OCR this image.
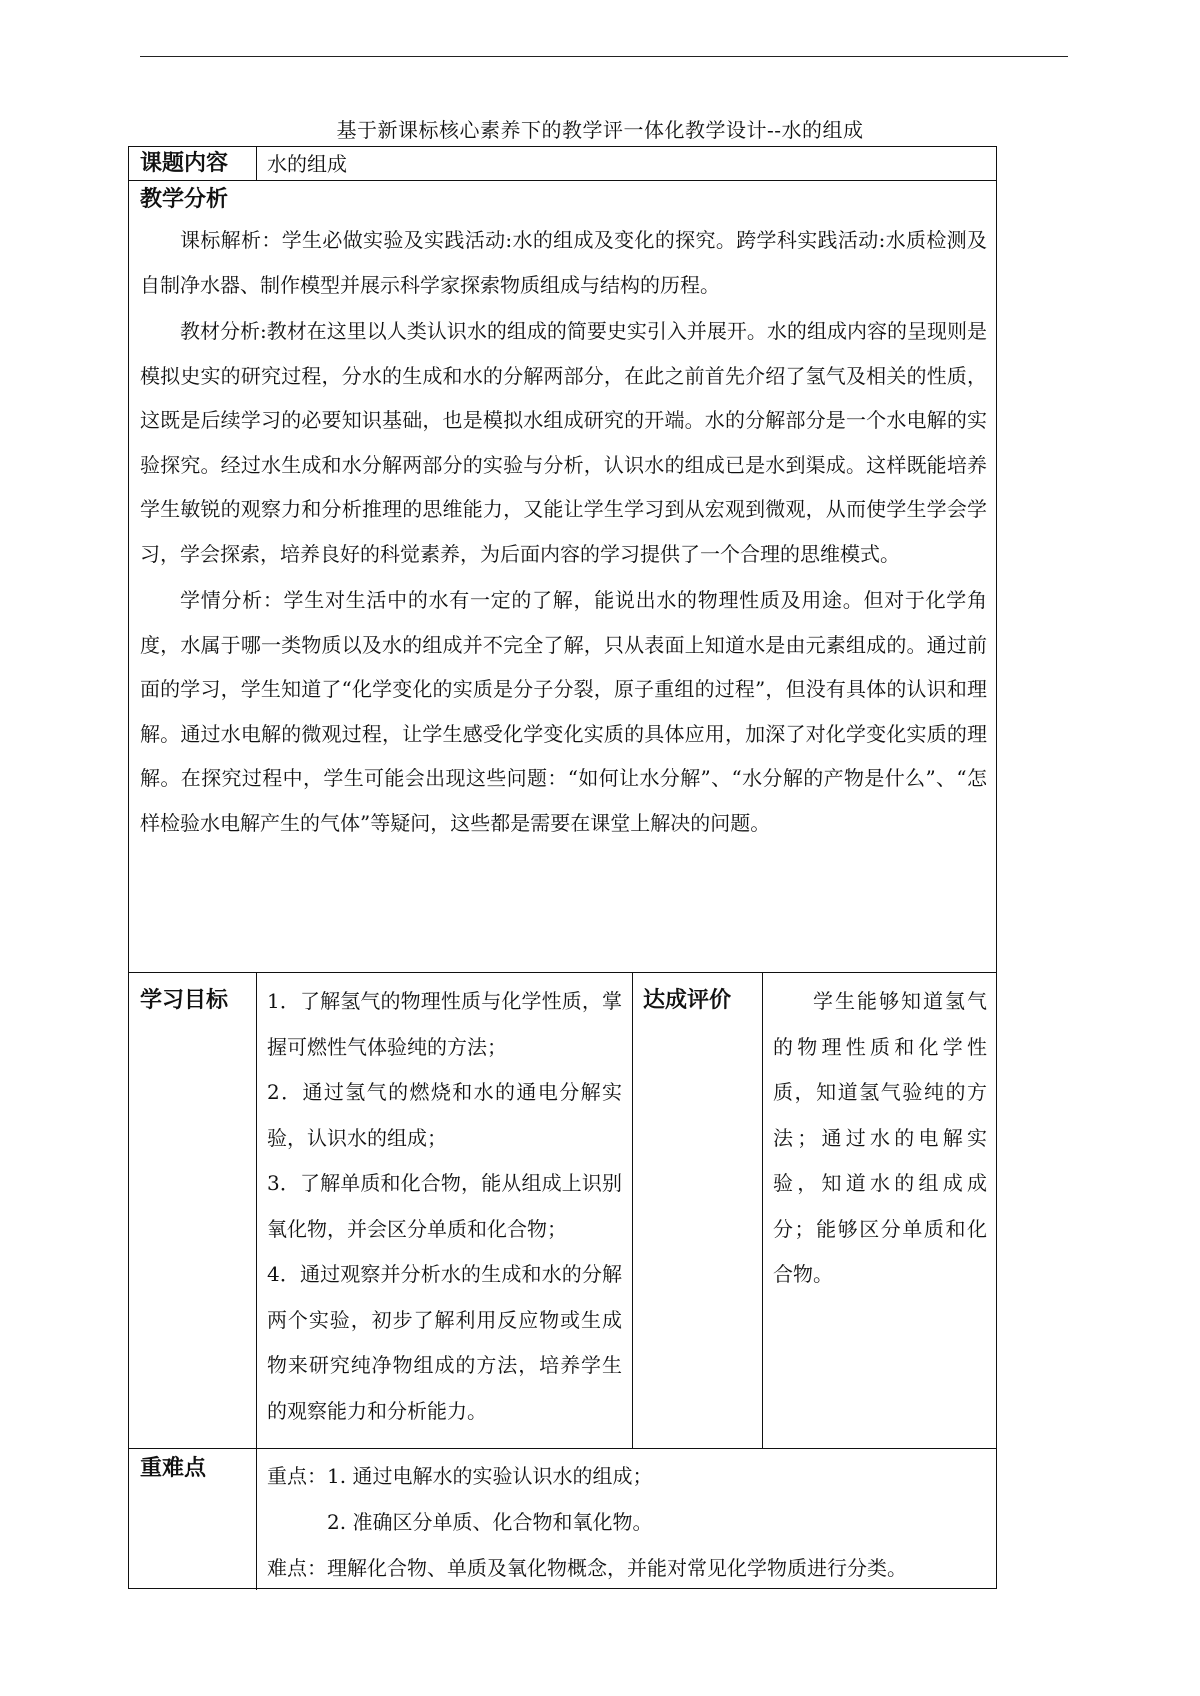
基于新课标核心素养下的教学评一体化教学设计--水的组成
课题内容 水的组成
教学分析

课标解析：学生必做实验及实践活动:水的组成及变化的探究。跨学科实践活动:水质检测及自制净水器、制作模型并展示科学家探索物质组成与结构的历程。

教材分析:教材在这里以人类认识水的组成的简要史实引入并展开。水的组成内容的呈现则是模拟史实的研究过程，分水的生成和水的分解两部分，在此之前首先介绍了氢气及相关的性质，这既是后续学习的必要知识基础，也是模拟水组成研究的开端。水的分解部分是一个水电解的实验探究。经过水生成和水分解两部分的实验与分析，认识水的组成已是水到渠成。这样既能培养学生敏锐的观察力和分析推理的思维能力，又能让学生学习到从宏观到微观，从而使学生学会学习，学会探索，培养良好的科觉素养，为后面内容的学习提供了一个合理的思维模式。

学情分析：学生对生活中的水有一定的了解，能说出水的物理性质及用途。但对于化学角度，水属于哪一类物质以及水的组成并不完全了解，只从表面上知道水是由元素组成的。通过前面的学习，学生知道了“化学变化的实质是分子分裂，原子重组的过程”，但没有具体的认识和理解。通过水电解的微观过程，让学生感受化学变化实质的具体应用，加深了对化学变化实质的理解。在探究过程中，学生可能会出现这些问题：“如何让水分解”、“水分解的产物是什么”、“怎样检验水电解产生的气体”等疑问，这些都是需要在课堂上解决的问题。

学习目标 1．了解氢气的物理性质与化学性质，掌握可燃性气体验纯的方法；

2．通过氢气的燃烧和水的通电分解实验，认识水的组成；

3．了解单质和化合物，能从组成上识别氧化物，并会区分单质和化合物；

4．通过观察并分析水的生成和水的分解两个实验，初步了解利用反应物或生成物来研究纯净物组成的方法，培养学生的观察能力和分析能力。

达成评价	学生能够知道氢气的物理性质和化学性质，知道氢气验纯的方法；通过水的电解实验，知道水的组成成分；能够区分单质和化合物。

重难点	重点：1. 通过电解水的实验认识水的组成；

2. 准确区分单质、化合物和氧化物。

难点：理解化合物、单质及氧化物概念，并能对常见化学物质进行分类。
